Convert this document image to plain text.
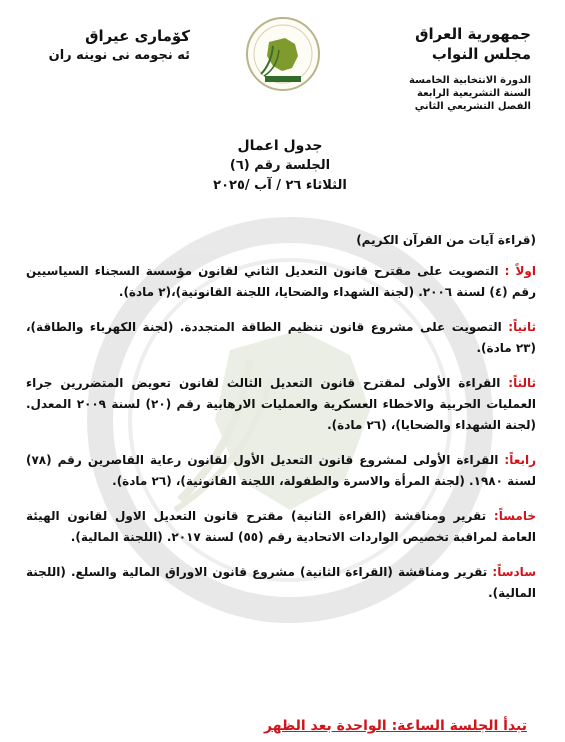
جمهورية العراق
مجلس النواب
الدورة الانتخابية الخامسة
السنة التشريعية الرابعة
الفصل التشريعي الثاني
كۆمارى عیراق
ئه نجومه نی نوینه ران
جدول اعمال
الجلسة رقم (٦)
الثلاثاء ٢٦ / آب /٢٠٢٥
(قراءة آيات من القرآن الكريم)
اولاً : التصويت على مقترح قانون التعديل الثاني لقانون مؤسسة السجناء السياسيين رقم (٤) لسنة ٢٠٠٦. (لجنة الشهداء والضحايا، اللجنة القانونية)،(٢ مادة).
ثانياً: التصويت على مشروع قانون تنظيم الطاقة المتجددة. (لجنة الكهرباء والطاقة)، (٢٣ مادة).
ثالثاً: القراءة الأولى لمقترح قانون التعديل الثالث لقانون تعويض المتضررين جراء العمليات الحربية والاخطاء العسكرية والعمليات الارهابية رقم (٢٠) لسنة ٢٠٠٩ المعدل. (لجنة الشهداء والضحايا)، (٢٦ مادة).
رابعاً: القراءة الأولى لمشروع قانون التعديل الأول لقانون رعاية القاصرين رقم (٧٨) لسنة ١٩٨٠. (لجنة المرأة والاسرة والطفولة، اللجنة القانونية)، (٢٦ مادة).
خامساً: تقرير ومناقشة (القراءة الثانية) مقترح قانون التعديل الاول لقانون الهيئة العامة لمراقبة تخصيص الواردات الاتحادية رقم (٥٥) لسنة ٢٠١٧. (اللجنة المالية).
سادساً: تقرير ومناقشة (القراءة الثانية) مشروع قانون الاوراق المالية والسلع. (اللجنة المالية).
تبدأ الجلسة الساعة: الواحدة بعد الظهر
